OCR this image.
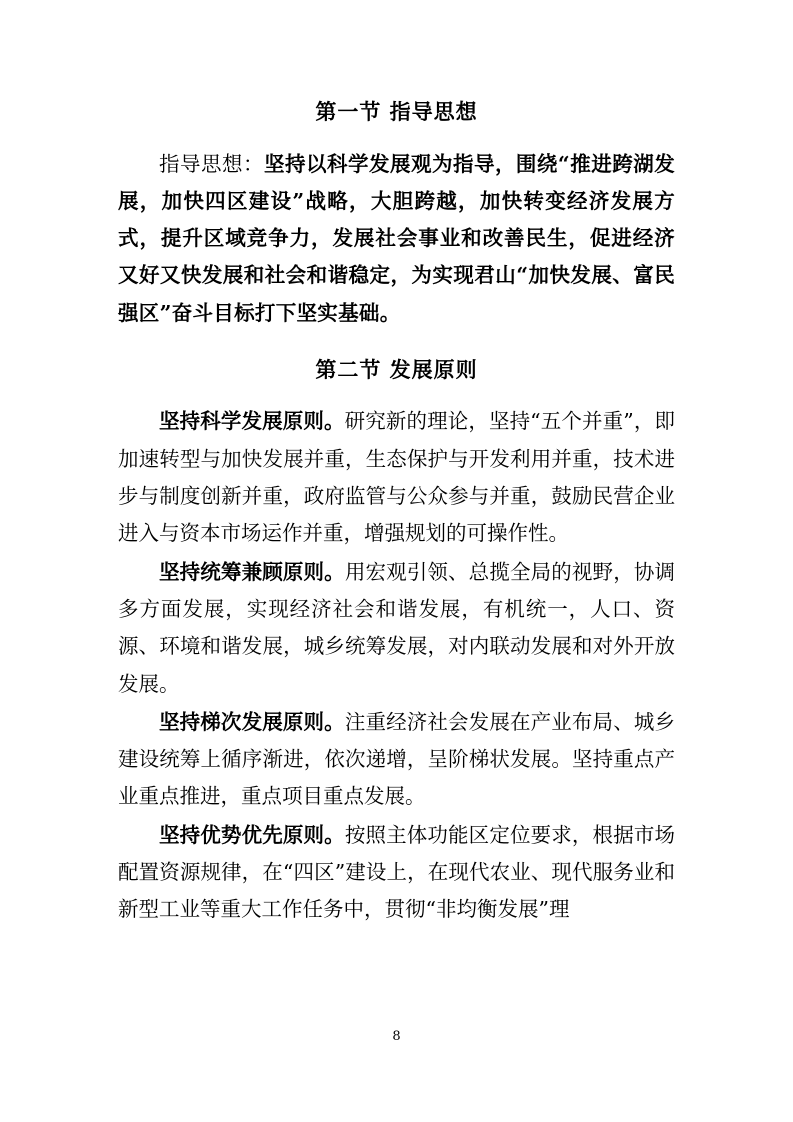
第一节 指导思想

指导思想：坚持以科学发展观为指导，围绕“推进跨湖发展，加快四区建设”战略，大胆跨越，加快转变经济发展方式，提升区域竞争力，发展社会事业和改善民生，促进经济又好又快发展和社会和谐稳定，为实现君山“加快发展、富民强区”奋斗目标打下坚实基础。

第二节 发展原则

坚持科学发展原则。研究新的理论，坚持“五个并重”，即加速转型与加快发展并重，生态保护与开发利用并重，技术进步与制度创新并重，政府监管与公众参与并重，鼓励民营企业进入与资本市场运作并重，增强规划的可操作性。

坚持统筹兼顾原则。用宏观引领、总揽全局的视野，协调多方面发展，实现经济社会和谐发展，有机统一，人口、资源、环境和谐发展，城乡统筹发展，对内联动发展和对外开放发展。

坚持梯次发展原则。注重经济社会发展在产业布局、城乡建设统筹上循序渐进，依次递增，呈阶梯状发展。坚持重点产业重点推进，重点项目重点发展。

坚持优势优先原则。按照主体功能区定位要求，根据市场配置资源规律，在“四区”建设上，在现代农业、现代服务业和新型工业等重大工作任务中，贯彻“非均衡发展”理

8
